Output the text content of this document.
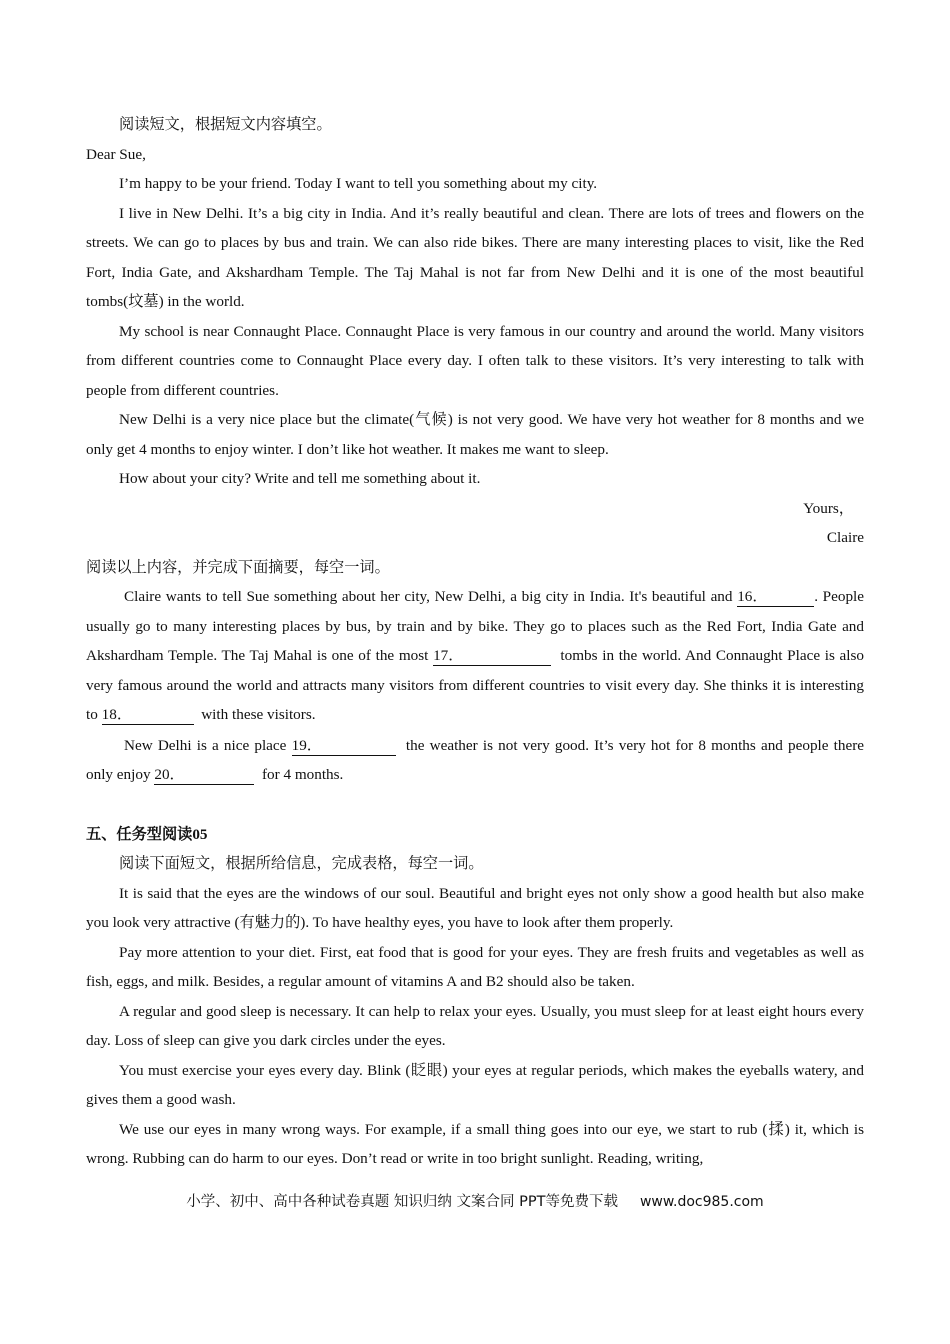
阅读短文，根据短文内容填空。

Dear Sue,

I’m happy to be your friend. Today I want to tell you something about my city.

I live in New Delhi. It’s a big city in India. And it’s really beautiful and clean. There are lots of trees and flowers on the streets. We can go to places by bus and train. We can also ride bikes. There are many interesting places to visit, like the Red Fort, India Gate, and Akshardham Temple. The Taj Mahal is not far from New Delhi and it is one of the most beautiful tombs(坟墓) in the world.

My school is near Connaught Place. Connaught Place is very famous in our country and around the world. Many visitors from different countries come to Connaught Place every day. I often talk to these visitors. It’s very interesting to talk with people from different countries.

New Delhi is a very nice place but the climate(气候) is not very good. We have very hot weather for 8 months and we only get 4 months to enjoy winter. I don’t like hot weather. It makes me want to sleep.

How about your city? Write and tell me something about it.

Yours，

Claire

阅读以上内容，并完成下面摘要，每空一词。

Claire wants to tell Sue something about her city, New Delhi, a big city in India. It's beautiful and 16．	. People usually go to many interesting places by bus, by train and by bike. They go to places such as the Red Fort, India Gate and Akshardham Temple. The Taj Mahal is one of the most 17．	tombs in the world. And Connaught Place is also very famous around the world and attracts many visitors from different countries to visit every day. She thinks it is interesting to 18．	with these visitors.

New Delhi is a nice place 19．	the weather is not very good. It’s very hot for 8 months and people there only enjoy 20．	for 4 months.

五、任务型阅读05

阅读下面短文，根据所给信息，完成表格，每空一词。

It is said that the eyes are the windows of our soul. Beautiful and bright eyes not only show a good health but also make you look very attractive (有魅力的). To have healthy eyes, you have to look after them properly.

Pay more attention to your diet. First, eat food that is good for your eyes. They are fresh fruits and vegetables as well as fish, eggs, and milk. Besides, a regular amount of vitamins A and B2 should also be taken.

A regular and good sleep is necessary. It can help to relax your eyes. Usually, you must sleep for at least eight hours every day. Loss of sleep can give you dark circles under the eyes.

You must exercise your eyes every day. Blink (眨眼) your eyes at regular periods, which makes the eyeballs watery, and gives them a good wash.

We use our eyes in many wrong ways. For example, if a small thing goes into our eye, we start to rub (揉) it, which is wrong. Rubbing can do harm to our eyes. Don’t read or write in too bright sunlight. Reading, writing,

小学、初中、高中各种试卷真题 知识归纳 文案合同 PPT等免费下载 www.doc985.com
